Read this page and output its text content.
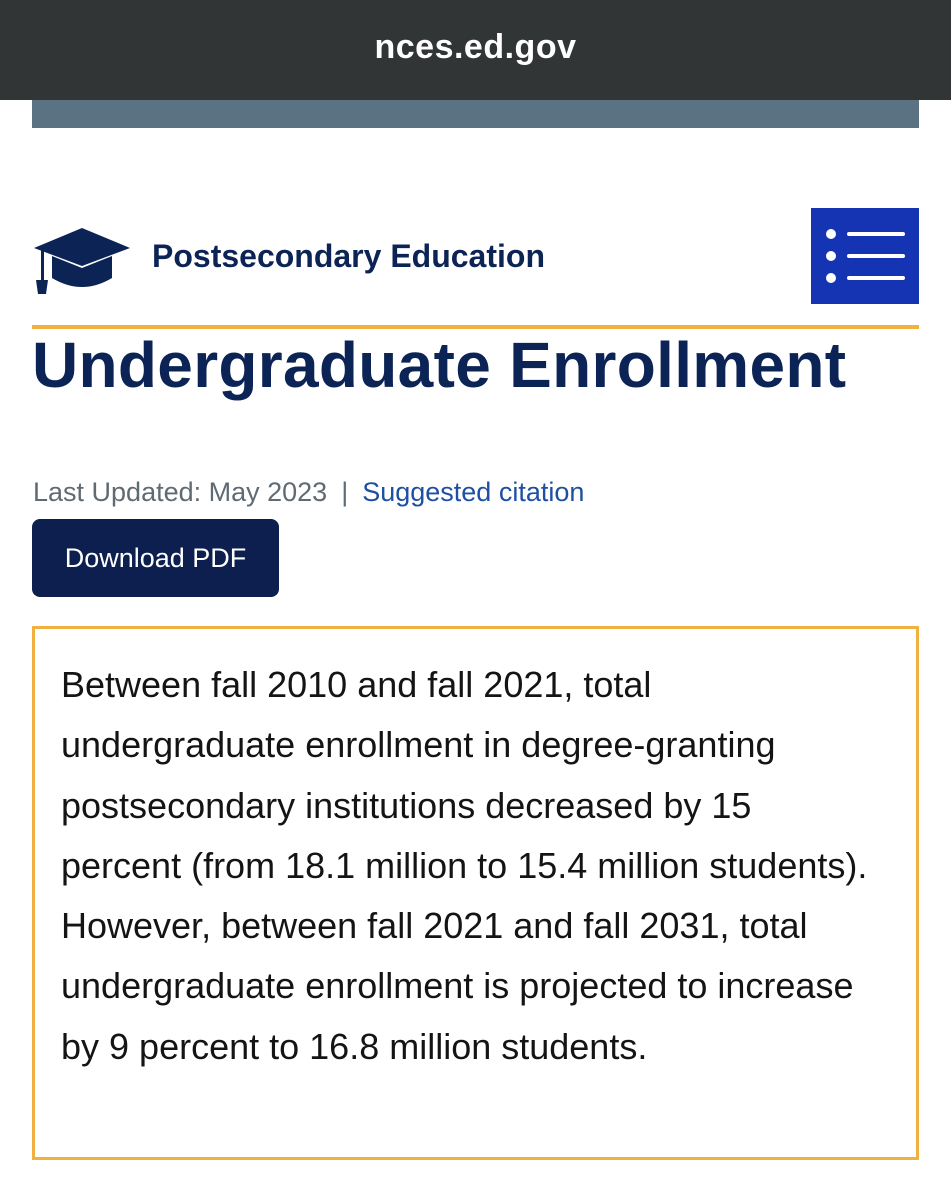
nces.ed.gov
Postsecondary Education
Undergraduate Enrollment
Last Updated: May 2023 | Suggested citation
Download PDF

Between fall 2010 and fall 2021, total undergraduate enrollment in degree-granting postsecondary institutions decreased by 15 percent (from 18.1 million to 15.4 million students). However, between fall 2021 and fall 2031, total undergraduate enrollment is projected to increase by 9 percent to 16.8 million students.
